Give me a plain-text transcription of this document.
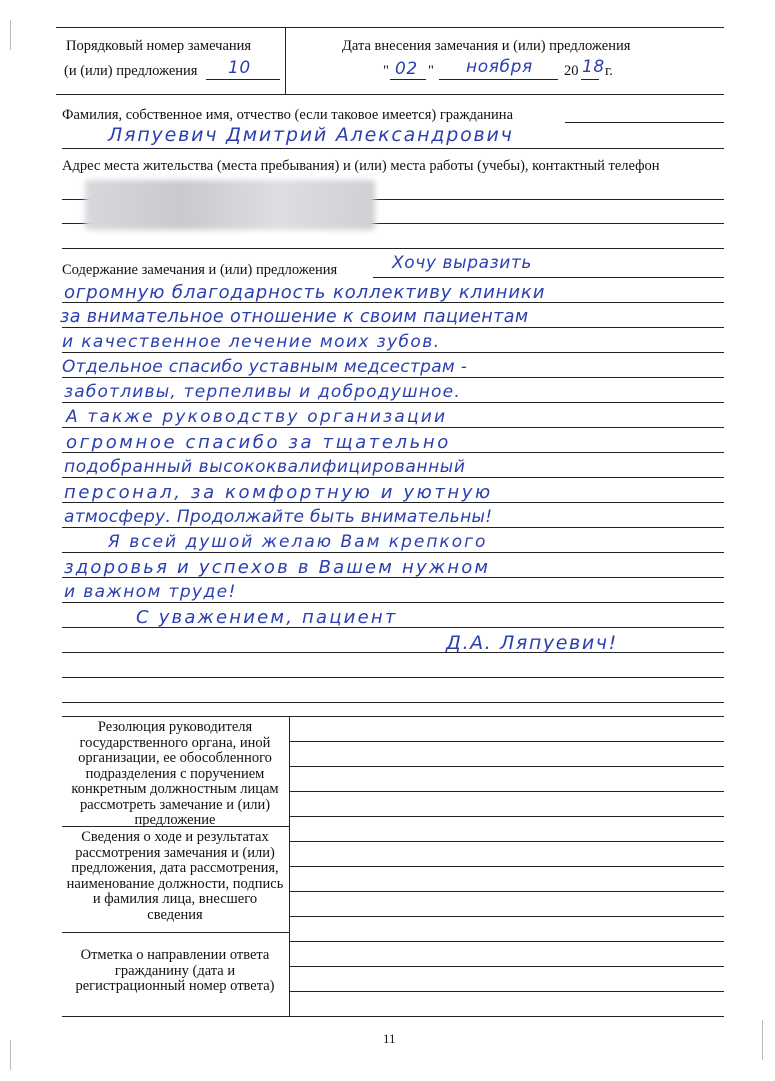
Порядковый номер замечания
(и (или) предложения 10
Дата внесения замечания и (или) предложения
" 02 " ноября 20 18 г.
Фамилия, собственное имя, отчество (если таковое имеется) гражданина
Ляпуевич Дмитрий Александрович
Адрес места жительства (места пребывания) и (или) места работы (учебы), контактный телефон
Содержание замечания и (или) предложения	Хочу выразить
огромную благодарность коллективу клиники
за внимательное отношение к своим пациентам
и качественное лечение моих зубов.
Отдельное спасибо уставным медсестрам -
заботливы, терпеливы и добродушное.
А также руководству организации
огромное спасибо за тщательно
подобранный высококвалифицированный
персонал, за комфортную и уютную
атмосферу. Продолжайте быть внимательны!
Я всей душой желаю Вам крепкого
здоровья и успехов в Вашем нужном
и важном труде!
С уважением, пациент
Д.А. Ляпуевич!
Резолюция руководителя государственного органа, иной организации, ее обособленного подразделения с поручением конкретным должностным лицам рассмотреть замечание и (или) предложение
Сведения о ходе и результатах рассмотрения замечания и (или) предложения, дата рассмотрения, наименование должности, подпись и фамилия лица, внесшего сведения
Отметка о направлении ответа гражданину (дата и регистрационный номер ответа)
11
